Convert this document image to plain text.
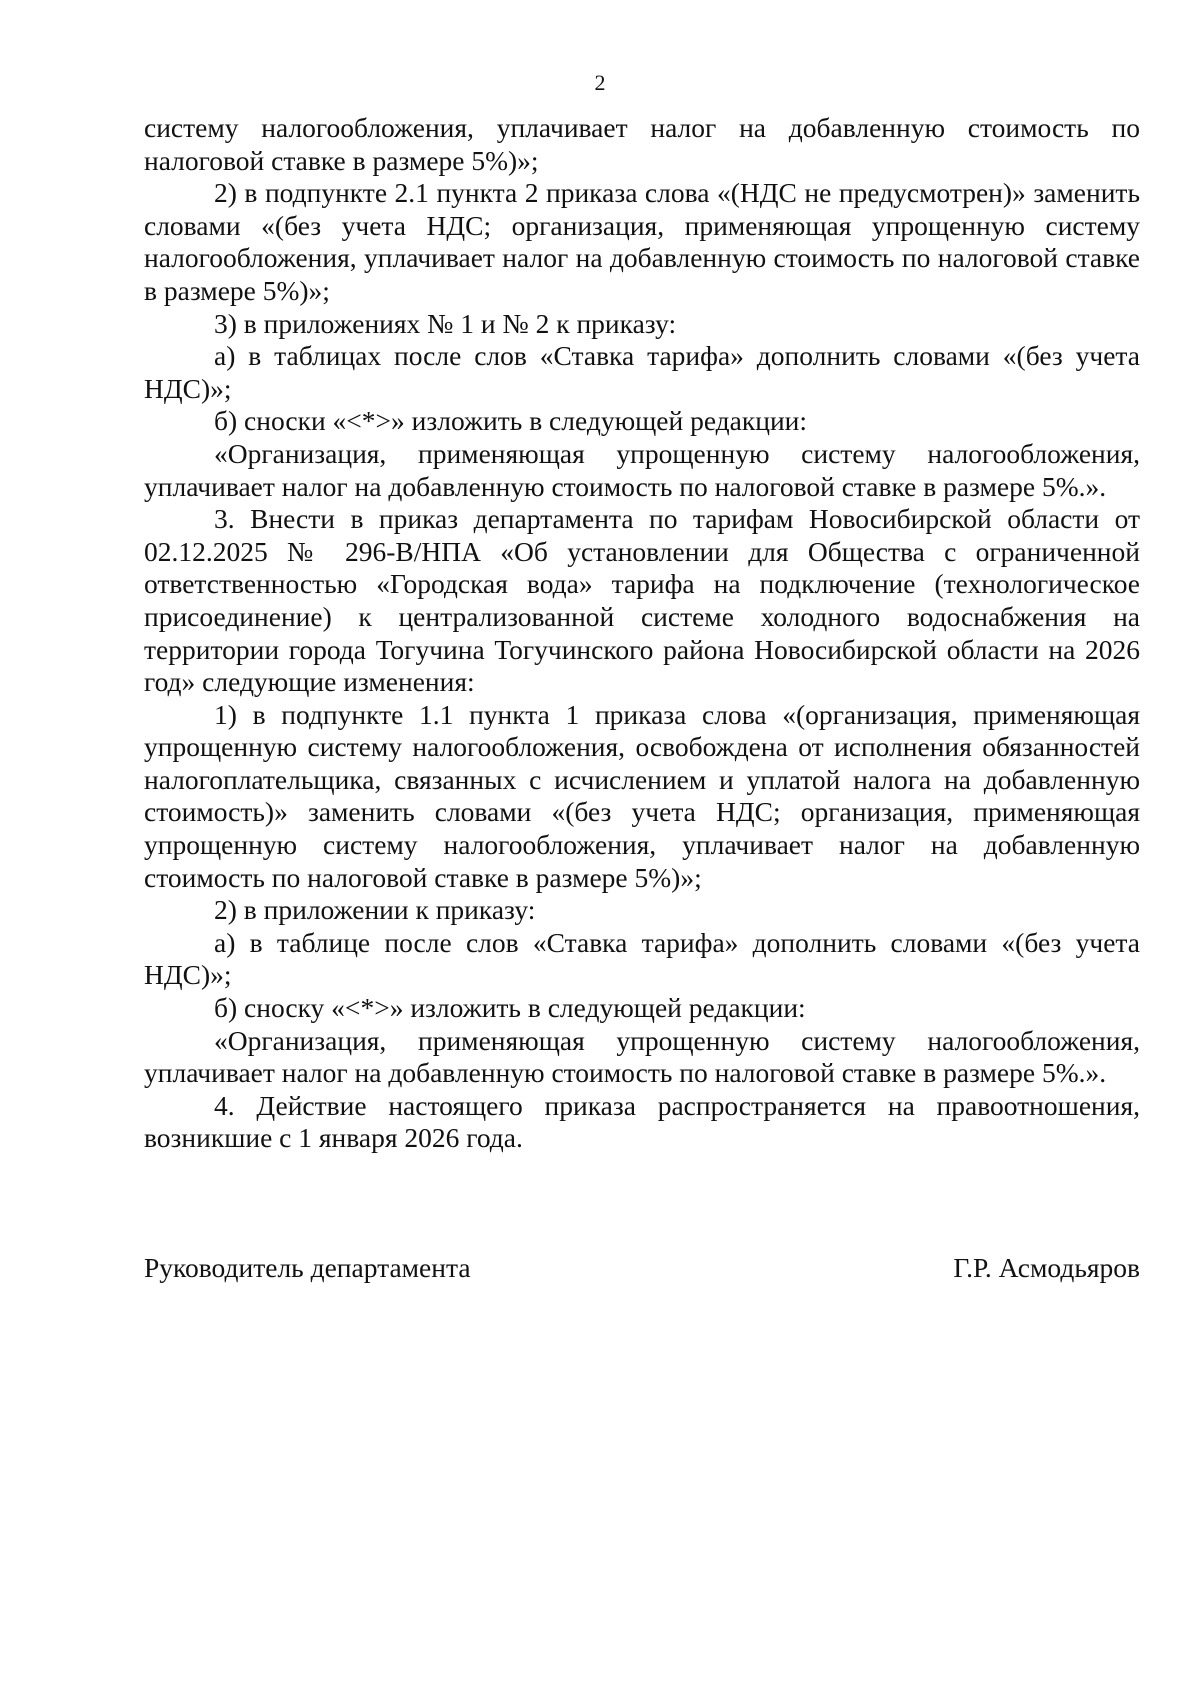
2

систему налогообложения, уплачивает налог на добавленную стоимость по налоговой ставке в размере 5%)»;

2) в подпункте 2.1 пункта 2 приказа слова «(НДС не предусмотрен)» заменить словами «(без учета НДС; организация, применяющая упрощенную систему налогообложения, уплачивает налог на добавленную стоимость по налоговой ставке в размере 5%)»;

3) в приложениях № 1 и № 2 к приказу:

а) в таблицах после слов «Ставка тарифа» дополнить словами «(без учета НДС)»;

б) сноски «<*>» изложить в следующей редакции:

«Организация, применяющая упрощенную систему налогообложения, уплачивает налог на добавленную стоимость по налоговой ставке в размере 5%.».

3. Внести в приказ департамента по тарифам Новосибирской области от 02.12.2025 № 296-В/НПА «Об установлении для Общества с ограниченной ответственностью «Городская вода» тарифа на подключение (технологическое присоединение) к централизованной системе холодного водоснабжения на территории города Тогучина Тогучинского района Новосибирской области на 2026 год» следующие изменения:

1) в подпункте 1.1 пункта 1 приказа слова «(организация, применяющая упрощенную систему налогообложения, освобождена от исполнения обязанностей налогоплательщика, связанных с исчислением и уплатой налога на добавленную стоимость)» заменить словами «(без учета НДС; организация, применяющая упрощенную систему налогообложения, уплачивает налог на добавленную стоимость по налоговой ставке в размере 5%)»;

2) в приложении к приказу:

а) в таблице после слов «Ставка тарифа» дополнить словами «(без учета НДС)»;

б) сноску «<*>» изложить в следующей редакции:

«Организация, применяющая упрощенную систему налогообложения, уплачивает налог на добавленную стоимость по налоговой ставке в размере 5%.».

4. Действие настоящего приказа распространяется на правоотношения, возникшие с 1 января 2026 года.

Руководитель департамента	Г.Р. Асмодьяров
